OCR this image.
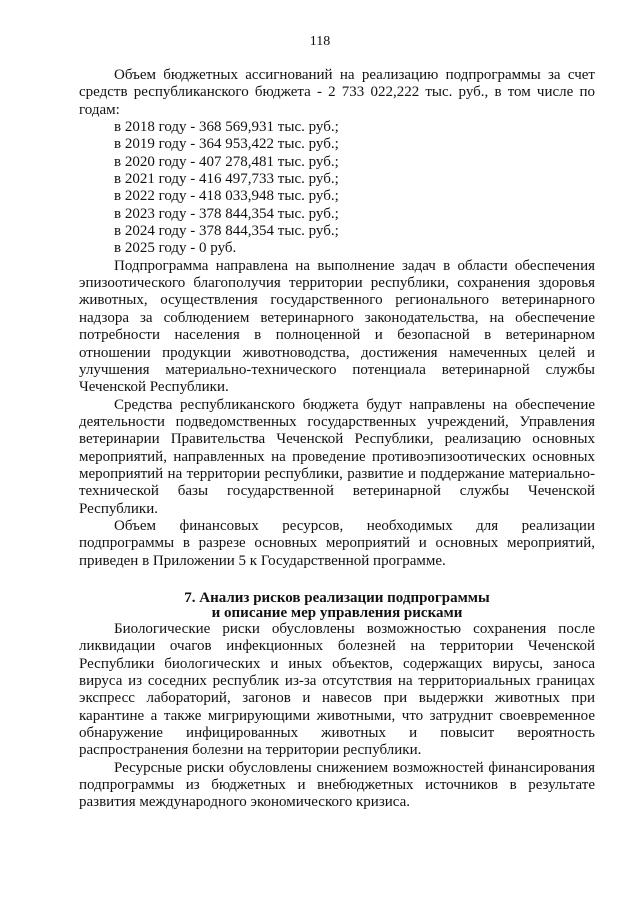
118

Объем бюджетных ассигнований на реализацию подпрограммы за счет средств республиканского бюджета - 2 733 022,222 тыс. руб., в том числе по годам:

в 2018 году - 368 569,931 тыс. руб.;
в 2019 году - 364 953,422 тыс. руб.;
в 2020 году - 407 278,481 тыс. руб.;
в 2021 году - 416 497,733 тыс. руб.;
в 2022 году - 418 033,948 тыс. руб.;
в 2023 году - 378 844,354 тыс. руб.;
в 2024 году - 378 844,354 тыс. руб.;
в 2025 году - 0 руб.

Подпрограмма направлена на выполнение задач в области обеспечения эпизоотического благополучия территории республики, сохранения здоровья животных, осуществления государственного регионального ветеринарного надзора за соблюдением ветеринарного законодательства, на обеспечение потребности населения в полноценной и безопасной в ветеринарном отношении продукции животноводства, достижения намеченных целей и улучшения материально-технического потенциала ветеринарной службы Чеченской Республики.

Средства республиканского бюджета будут направлены на обеспечение деятельности подведомственных государственных учреждений, Управления ветеринарии Правительства Чеченской Республики, реализацию основных мероприятий, направленных на проведение противоэпизоотических основных мероприятий на территории республики, развитие и поддержание материально-технической базы государственной ветеринарной службы Чеченской Республики.

Объем финансовых ресурсов, необходимых для реализации подпрограммы в разрезе основных мероприятий и основных мероприятий, приведен в Приложении 5 к Государственной программе.

7. Анализ рисков реализации подпрограммы
и описание мер управления рисками

Биологические риски обусловлены возможностью сохранения после ликвидации очагов инфекционных болезней на территории Чеченской Республики биологических и иных объектов, содержащих вирусы, заноса вируса из соседних республик из-за отсутствия на территориальных границах экспресс лабораторий, загонов и навесов при выдержки животных при карантине а также мигрирующими животными, что затруднит своевременное обнаружение инфицированных животных и повысит вероятность распространения болезни на территории республики.

Ресурсные риски обусловлены снижением возможностей финансирования подпрограммы из бюджетных и внебюджетных источников в результате развития международного экономического кризиса.
